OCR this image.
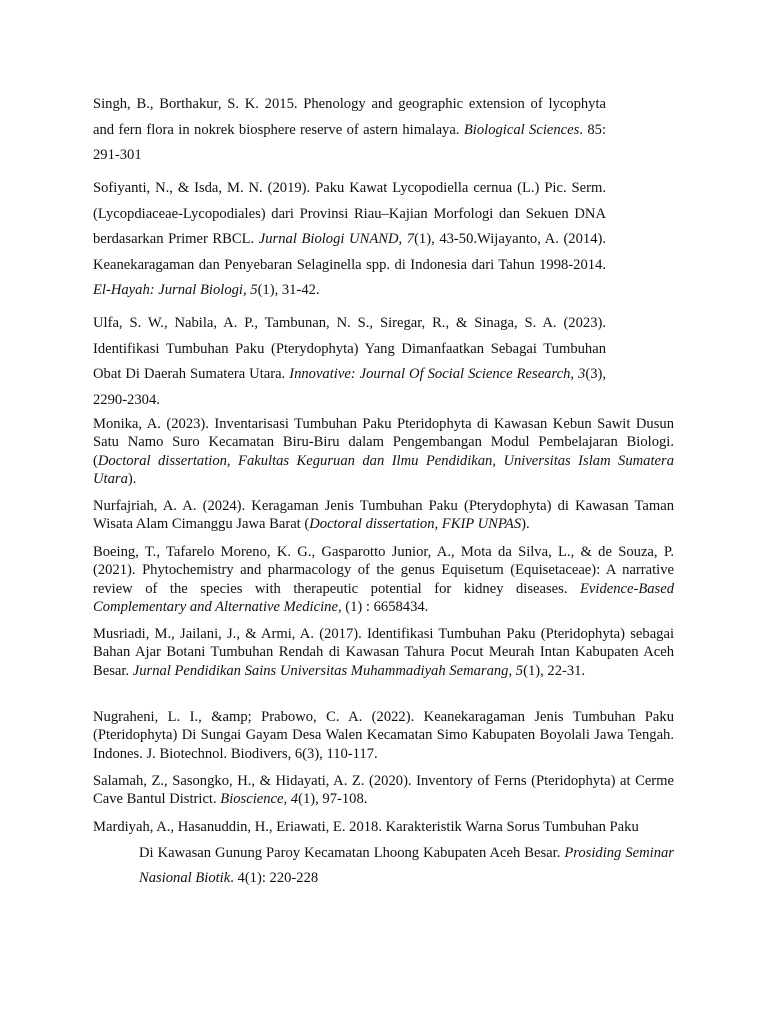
Singh, B., Borthakur, S. K. 2015. Phenology and geographic extension of lycophyta and fern flora in nokrek biosphere reserve of astern himalaya. Biological Sciences. 85: 291-301

Sofiyanti, N., & Isda, M. N. (2019). Paku Kawat Lycopodiella cernua (L.) Pic. Serm.(Lycopdiaceae-Lycopodiales) dari Provinsi Riau–Kajian Morfologi dan Sekuen DNA berdasarkan Primer RBCL. Jurnal Biologi UNAND, 7(1), 43-50.Wijayanto, A. (2014). Keanekaragaman dan Penyebaran Selaginella spp. di Indonesia dari Tahun 1998-2014. El-Hayah: Jurnal Biologi, 5(1), 31-42.

Ulfa, S. W., Nabila, A. P., Tambunan, N. S., Siregar, R., & Sinaga, S. A. (2023). Identifikasi Tumbuhan Paku (Pterydophyta) Yang Dimanfaatkan Sebagai Tumbuhan Obat Di Daerah Sumatera Utara. Innovative: Journal Of Social Science Research, 3(3), 2290-2304.

Monika, A. (2023). Inventarisasi Tumbuhan Paku Pteridophyta di Kawasan Kebun Sawit Dusun Satu Namo Suro Kecamatan Biru-Biru dalam Pengembangan Modul Pembelajaran Biologi. (Doctoral dissertation, Fakultas Keguruan dan Ilmu Pendidikan, Universitas Islam Sumatera Utara).

Nurfajriah, A. A. (2024). Keragaman Jenis Tumbuhan Paku (Pterydophyta) di Kawasan Taman Wisata Alam Cimanggu Jawa Barat (Doctoral dissertation, FKIP UNPAS).

Boeing, T., Tafarelo Moreno, K. G., Gasparotto Junior, A., Mota da Silva, L., & de Souza, P. (2021). Phytochemistry and pharmacology of the genus Equisetum (Equisetaceae): A narrative review of the species with therapeutic potential for kidney diseases. Evidence-Based Complementary and Alternative Medicine, (1) : 6658434.

Musriadi, M., Jailani, J., & Armi, A. (2017). Identifikasi Tumbuhan Paku (Pteridophyta) sebagai Bahan Ajar Botani Tumbuhan Rendah di Kawasan Tahura Pocut Meurah Intan Kabupaten Aceh Besar. Jurnal Pendidikan Sains Universitas Muhammadiyah Semarang, 5(1), 22-31.

Nugraheni, L. I., &amp; Prabowo, C. A. (2022). Keanekaragaman Jenis Tumbuhan Paku (Pteridophyta) Di Sungai Gayam Desa Walen Kecamatan Simo Kabupaten Boyolali Jawa Tengah. Indones. J. Biotechnol. Biodivers, 6(3), 110-117.

Salamah, Z., Sasongko, H., & Hidayati, A. Z. (2020). Inventory of Ferns (Pteridophyta) at Cerme Cave Bantul District. Bioscience, 4(1), 97-108.

Mardiyah, A., Hasanuddin, H., Eriawati, E. 2018. Karakteristik Warna Sorus Tumbuhan Paku
Di Kawasan Gunung Paroy Kecamatan Lhoong Kabupaten Aceh Besar. Prosiding Seminar Nasional Biotik. 4(1): 220-228
